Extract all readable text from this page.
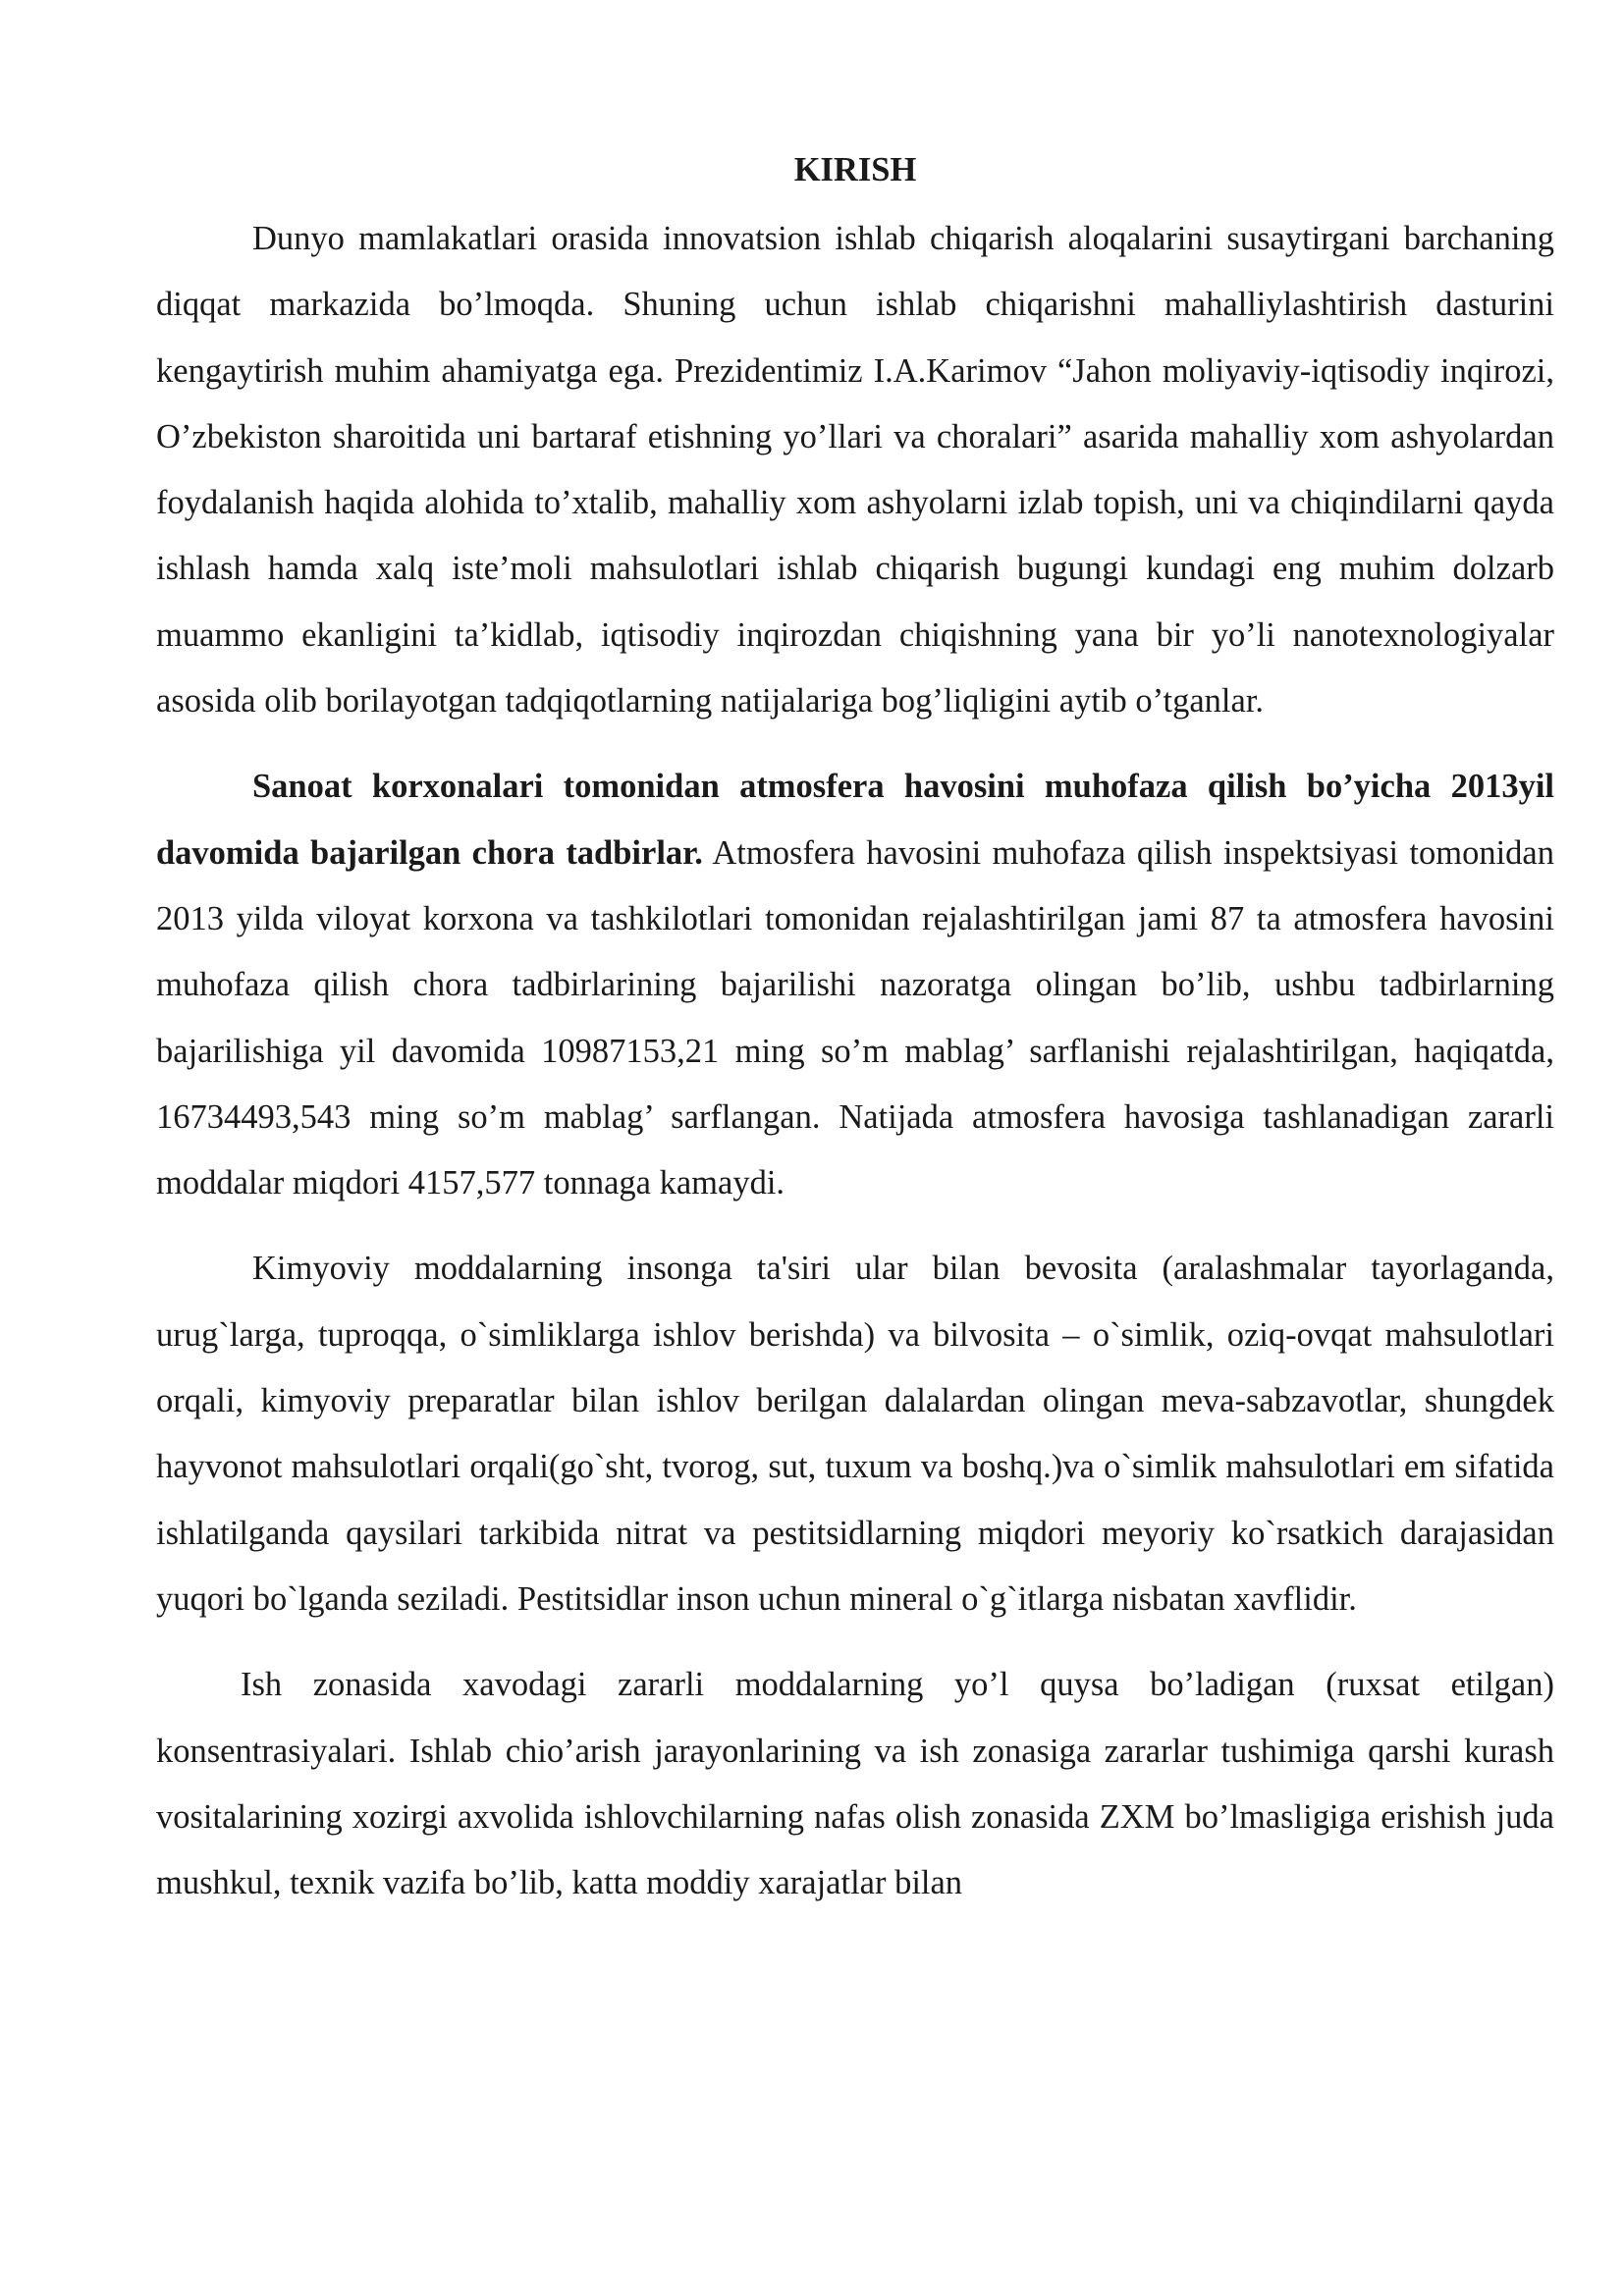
KIRISH

Dunyo mamlakatlari orasida innovatsion ishlab chiqarish aloqalarini susaytirgani barchaning diqqat markazida bo’lmoqda. Shuning uchun ishlab chiqarishni mahalliylashtirish dasturini kengaytirish muhim ahamiyatga ega. Prezidentimiz I.A.Karimov “Jahon moliyaviy-iqtisodiy inqirozi, O’zbekiston sharoitida uni bartaraf etishning yo’llari va choralari” asarida mahalliy xom ashyolardan foydalanish haqida alohida to’xtalib, mahalliy xom ashyolarni izlab topish, uni va chiqindilarni qayda ishlash hamda xalq iste’moli mahsulotlari ishlab chiqarish bugungi kundagi eng muhim dolzarb muammo ekanligini ta’kidlab, iqtisodiy inqirozdan chiqishning yana bir yo’li nanotexnologiyalar asosida olib borilayotgan tadqiqotlarning natijalariga bog’liqligini aytib o’tganlar.

Sanoat korxonalari tomonidan atmosfera havosini muhofaza qilish bo’yicha 2013yil davomida bajarilgan chora tadbirlar. Atmosfera havosini muhofaza qilish inspektsiyasi tomonidan 2013 yilda viloyat korxona va tashkilotlari tomonidan rejalashtirilgan jami 87 ta atmosfera havosini muhofaza qilish chora tadbirlarining bajarilishi nazoratga olingan bo’lib, ushbu tadbirlarning bajarilishiga yil davomida 10987153,21 ming so’m mablag’ sarflanishi rejalashtirilgan, haqiqatda, 16734493,543 ming so’m mablag’ sarflangan. Natijada atmosfera havosiga tashlanadigan zararli moddalar miqdori 4157,577 tonnaga kamaydi.

Kimyoviy moddalarning insonga ta'siri ular bilan bevosita (aralashmalar tayorlaganda, urug`larga, tuproqqa, o`simliklarga ishlov berishda) va bilvosita – o`simlik, oziq-ovqat mahsulotlari orqali, kimyoviy preparatlar bilan ishlov berilgan dalalardan olingan meva-sabzavotlar, shungdek hayvonot mahsulotlari orqali(go`sht, tvorog, sut, tuxum va boshq.)va o`simlik mahsulotlari em sifatida ishlatilganda qaysilari tarkibida nitrat va pestitsidlarning miqdori meyoriy ko`rsatkich darajasidan yuqori bo`lganda seziladi. Pestitsidlar inson uchun mineral o`g`itlarga nisbatan xavflidir.

Ish zonasida xavodagi zararli moddalarning yo’l quysa bo’ladigan (ruxsat etilgan) konsentrasiyalari. Ishlab chio’arish jarayonlarining va ish zonasiga zararlar tushimiga qarshi kurash vositalarining xozirgi axvolida ishlovchilarning nafas olish zonasida ZXM bo’lmasligiga erishish juda mushkul, texnik vazifa bo’lib, katta moddiy xarajatlar bilan
